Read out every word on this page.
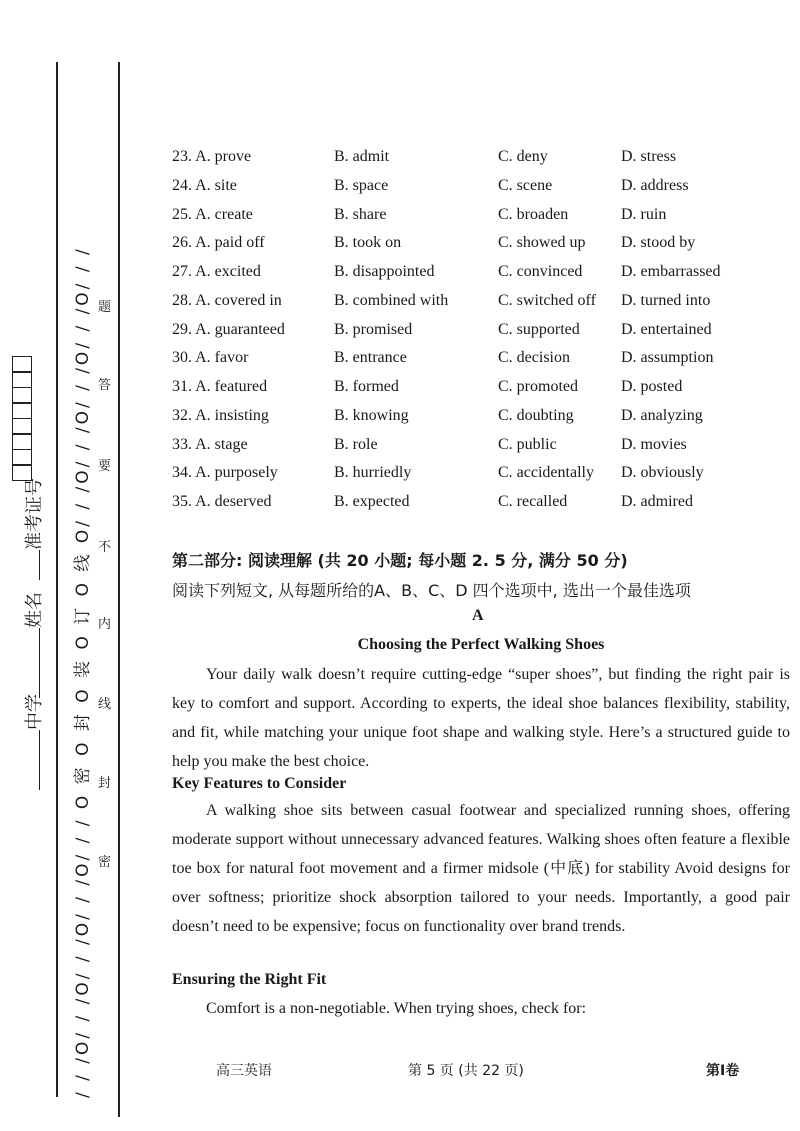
/ / /O/ / /O/ / /O/ / /O/ / / O 密 O 封 O 装 O 订 O 线 O/ / /O/ / /O/ / /O/ / /O/ / / 题
答
要
不
内
线
封
密
中学
姓名
准考证号
23. A. prove	B. admit	C. deny	D. stress
24. A. site	B. space	C. scene	D. address
25. A. create	B. share	C. broaden	D. ruin
26. A. paid off	B. took on	C. showed up D. stood by
27. A. excited	B. disappointed	C. convinced D. embarrassed
28. A. covered in	B. combined with	C. switched off D. turned into
29. A. guaranteed	B. promised	C. supported	D. entertained
30. A. favor	B. entrance	C. decision	D. assumption
31. A. featured	B. formed	C. promoted	D. posted
32. A. insisting	B. knowing	C. doubting	D. analyzing
33. A. stage	B. role	C. public	D. movies
34. A. purposely	B. hurriedly	C. accidentally D. obviously
35. A. deserved	B. expected	C. recalled	D. admired
第二部分: 阅读理解 (共 20 小题; 每小题 2. 5 分, 满分 50 分)
阅读下列短文, 从每题所给的A、B、C、D 四个选项中, 选出一个最佳选项
A
Choosing the Perfect Walking Shoes
Your daily walk doesn’t require cutting-edge “super shoes”, but finding the right pair is key to comfort and support. According to experts, the ideal shoe balances flexibility, stability, and fit, while matching your unique foot shape and walking style. Here’s a structured guide to help you make the best choice.
Key Features to Consider
A walking shoe sits between casual footwear and specialized running shoes, offering moderate support without unnecessary advanced features. Walking shoes often feature a flexible toe box for natural foot movement and a firmer midsole (中底) for stability Avoid designs for over softness; prioritize shock absorption tailored to your needs. Importantly, a good pair doesn’t need to be expensive; focus on functionality over brand trends.
Ensuring the Right Fit
Comfort is a non-negotiable. When trying shoes, check for:
高三英语	第 5 页 (共 22 页)	第I卷
